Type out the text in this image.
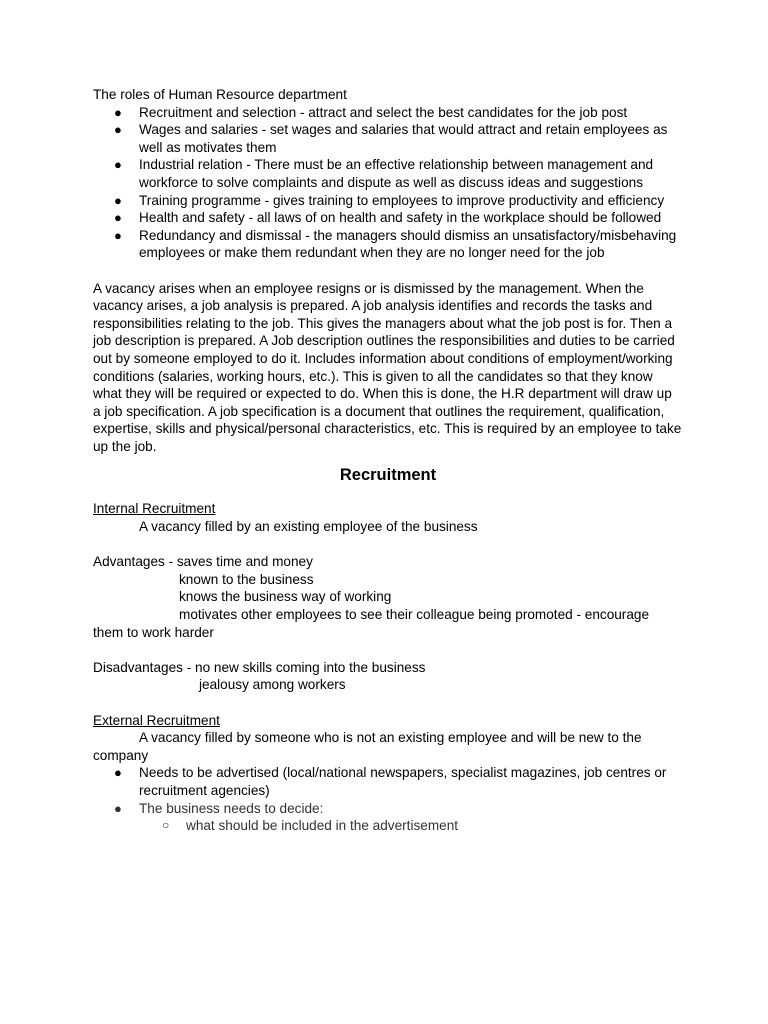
The roles of Human Resource department

● Recruitment and selection - attract and select the best candidates for the job post
● Wages and salaries - set wages and salaries that would attract and retain employees as well as motivates them
● Industrial relation - There must be an effective relationship between management and workforce to solve complaints and dispute as well as discuss ideas and suggestions
● Training programme - gives training to employees to improve productivity and efficiency
● Health and safety - all laws of on health and safety in the workplace should be followed
● Redundancy and dismissal - the managers should dismiss an unsatisfactory/misbehaving employees or make them redundant when they are no longer need for the job

A vacancy arises when an employee resigns or is dismissed by the management. When the vacancy arises, a job analysis is prepared. A job analysis identifies and records the tasks and responsibilities relating to the job. This gives the managers about what the job post is for. Then a job description is prepared. A Job description outlines the responsibilities and duties to be carried out by someone employed to do it. Includes information about conditions of employment/working conditions (salaries, working hours, etc.). This is given to all the candidates so that they know what they will be required or expected to do. When this is done, the H.R department will draw up a job specification. A job specification is a document that outlines the requirement, qualification, expertise, skills and physical/personal characteristics, etc. This is required by an employee to take up the job.

Recruitment

Internal Recruitment

A vacancy filled by an existing employee of the business

Advantages - saves time and money

known to the business

knows the business way of working

motivates other employees to see their colleague being promoted - encourage

them to work harder

Disadvantages - no new skills coming into the business

jealousy among workers

External Recruitment

A vacancy filled by someone who is not an existing employee and will be new to the

company

● Needs to be advertised (local/national newspapers, specialist magazines, job centres or recruitment agencies)
● The business needs to decide:
○ what should be included in the advertisement
